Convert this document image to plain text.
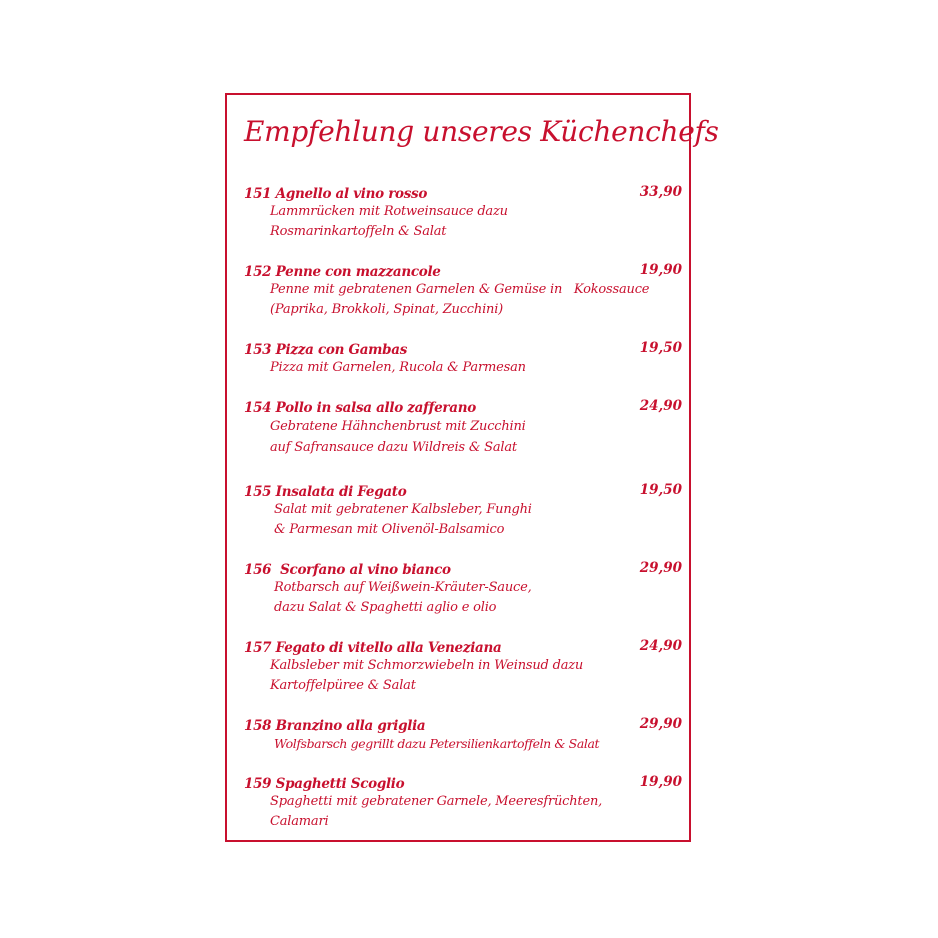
Empfehlung unseres Küchenchefs
151 Agnello al vino rosso	33,90
Lammrücken mit Rotweinsauce dazu
Rosmarinkartoffeln & Salat
152 Penne con mazzancole	19,90
Penne mit gebratenen Garnelen & Gemüse in   Kokossauce
(Paprika, Brokkoli, Spinat, Zucchini)
153 Pizza con Gambas	19,50
Pizza mit Garnelen, Rucola & Parmesan
154 Pollo in salsa allo zafferano	24,90
Gebratene Hähnchenbrust mit Zucchini
auf Safransauce dazu Wildreis & Salat
155 Insalata di Fegato	19,50
Salat mit gebratener Kalbsleber, Funghi
& Parmesan mit Olivenöl-Balsamico
156  Scorfano al vino bianco	29,90
Rotbarsch auf Weißwein-Kräuter-Sauce,
dazu Salat & Spaghetti aglio e olio
157 Fegato di vitello alla Veneziana	24,90
Kalbsleber mit Schmorzwiebeln in Weinsud dazu
Kartoffelpüree & Salat
158 Branzino alla griglia	29,90
Wolfsbarsch gegrillt dazu Petersilienkartoffeln & Salat
159 Spaghetti Scoglio	19,90
Spaghetti mit gebratener Garnele, Meeresfrüchten,
Calamari
